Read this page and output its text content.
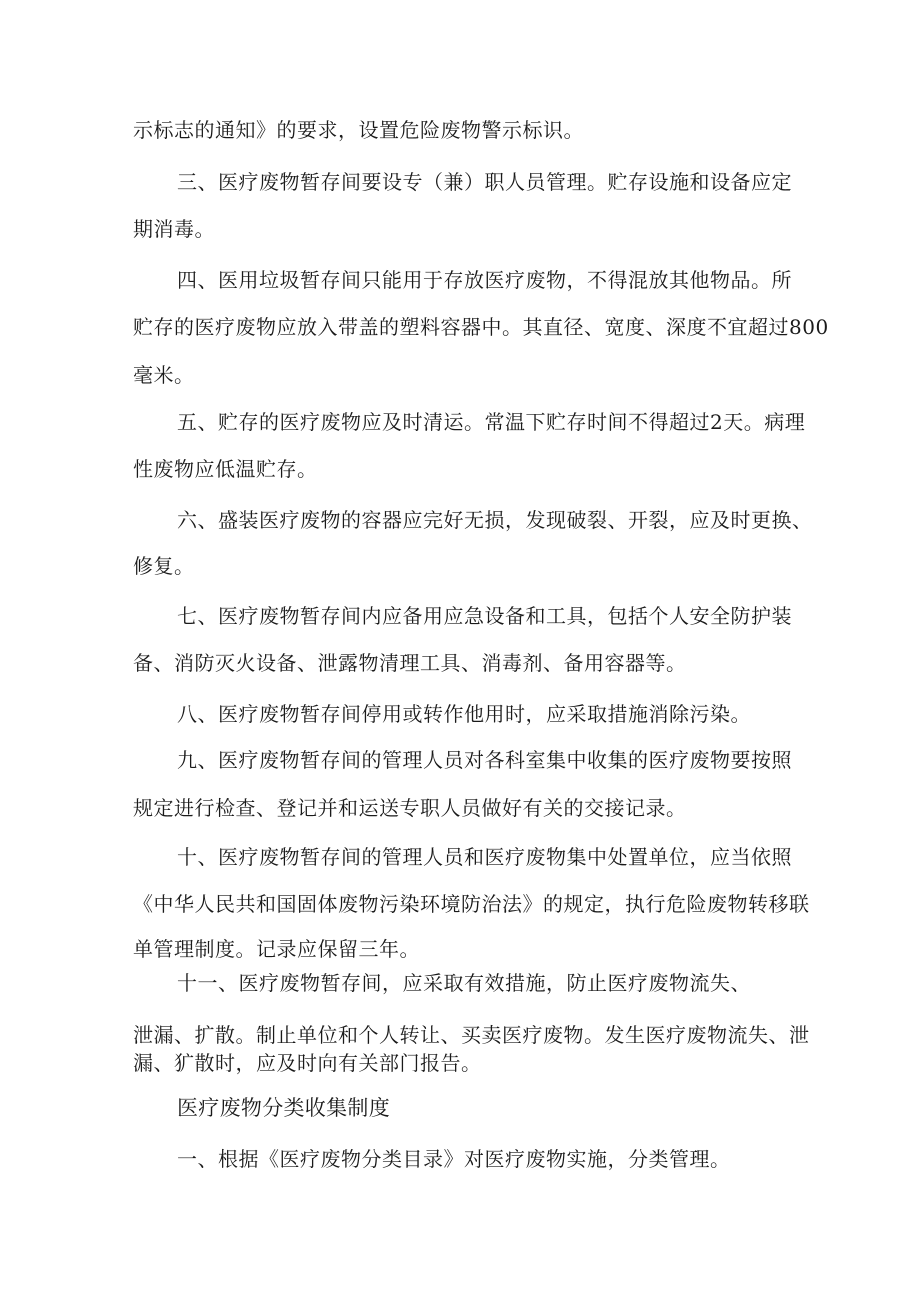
示标志的通知》的要求，设置危险废物警示标识。
三、医疗废物暂存间要设专（兼）职人员管理。贮存设施和设备应定
期消毒。
四、医用垃圾暂存间只能用于存放医疗废物，不得混放其他物品。所
贮存的医疗废物应放入带盖的塑料容器中。其直径、宽度、深度不宜超过800
毫米。
五、贮存的医疗废物应及时清运。常温下贮存时间不得超过2天。病理
性废物应低温贮存。
六、盛装医疗废物的容器应完好无损，发现破裂、开裂，应及时更换、
修复。
七、医疗废物暂存间内应备用应急设备和工具，包括个人安全防护装
备、消防灭火设备、泄露物清理工具、消毒剂、备用容器等。
八、医疗废物暂存间停用或转作他用时，应采取措施消除污染。
九、医疗废物暂存间的管理人员对各科室集中收集的医疗废物要按照
规定进行检查、登记并和运送专职人员做好有关的交接记录。
十、医疗废物暂存间的管理人员和医疗废物集中处置单位，应当依照
《中华人民共和国固体废物污染环境防治法》的规定，执行危险废物转移联
单管理制度。记录应保留三年。
十一、医疗废物暂存间，应采取有效措施，防止医疗废物流失、
泄漏、扩散。制止单位和个人转让、买卖医疗废物。发生医疗废物流失、泄
漏、犷散时，应及时向有关部门报告。
医疗废物分类收集制度
一、根据《医疗废物分类目录》对医疗废物实施，分类管理。
